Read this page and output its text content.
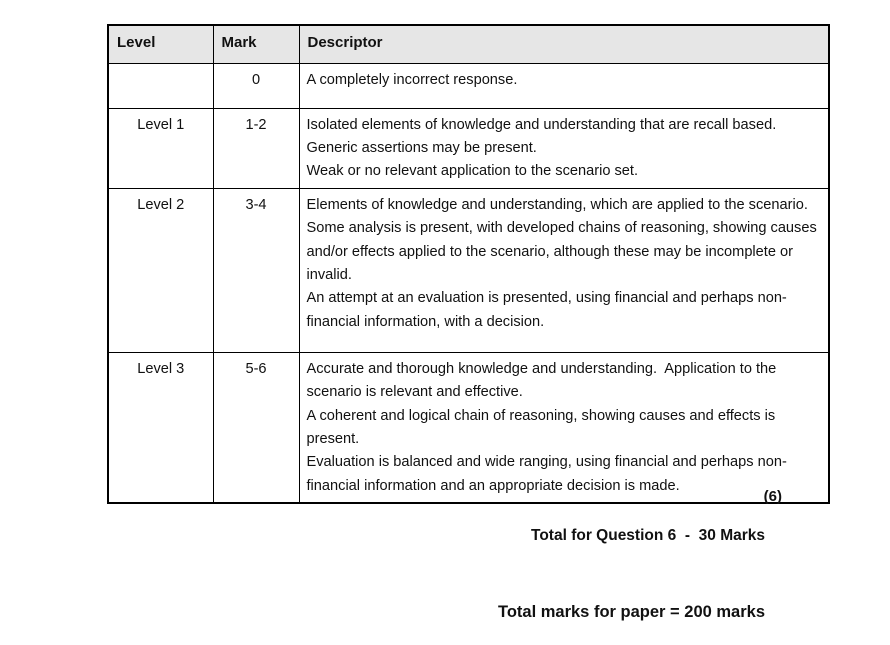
Level	Mark	Descriptor
	0	A completely incorrect response.

Level 1	1-2	Isolated elements of knowledge and understanding that are recall based.

Generic assertions may be present.

Weak or no relevant application to the scenario set.

Level 2	3-4	Elements of knowledge and understanding, which are applied to the scenario.

Some analysis is present, with developed chains of reasoning, showing causes and/or effects applied to the scenario, although these may be incomplete or invalid.

An attempt at an evaluation is presented, using financial and perhaps non-financial information, with a decision.

Level 3	5-6	Accurate and thorough knowledge and understanding.  Application to the scenario is relevant and effective.

A coherent and logical chain of reasoning, showing causes and effects is present.

Evaluation is balanced and wide ranging, using financial and perhaps non-financial information and an appropriate decision is made.

(6)
Total for Question 6  -  30 Marks
Total marks for paper = 200 marks
